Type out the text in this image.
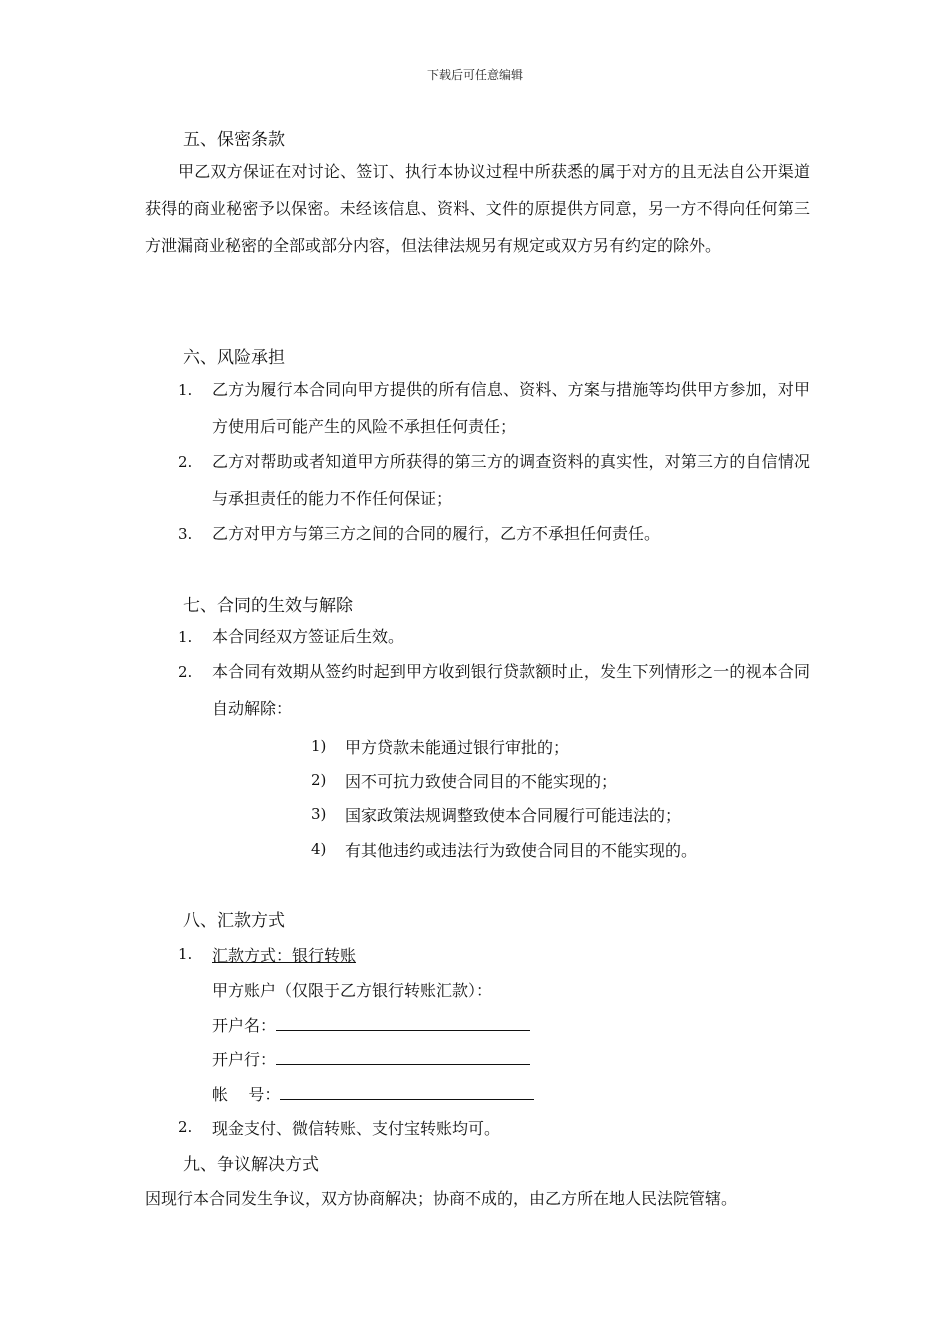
下载后可任意编辑
五、保密条款
甲乙双方保证在对讨论、签订、执行本协议过程中所获悉的属于对方的且无法自公开渠道获得的商业秘密予以保密。未经该信息、资料、文件的原提供方同意，另一方不得向任何第三方泄漏商业秘密的全部或部分内容，但法律法规另有规定或双方另有约定的除外。
六、风险承担
1. 乙方为履行本合同向甲方提供的所有信息、资料、方案与措施等均供甲方参加，对甲方使用后可能产生的风险不承担任何责任；
2. 乙方对帮助或者知道甲方所获得的第三方的调查资料的真实性，对第三方的自信情况与承担责任的能力不作任何保证；
3. 乙方对甲方与第三方之间的合同的履行，乙方不承担任何责任。
七、合同的生效与解除
1. 本合同经双方签证后生效。
2. 本合同有效期从签约时起到甲方收到银行贷款额时止，发生下列情形之一的视本合同自动解除：
1) 甲方贷款未能通过银行审批的；
2) 因不可抗力致使合同目的不能实现的；
3) 国家政策法规调整致使本合同履行可能违法的；
4) 有其他违约或违法行为致使合同目的不能实现的。
八、汇款方式
1. 汇款方式：银行转账
甲方账户（仅限于乙方银行转账汇款）：
开户名：
开户行：
帐    号：
2. 现金支付、微信转账、支付宝转账均可。
九、争议解决方式
因现行本合同发生争议，双方协商解决；协商不成的，由乙方所在地人民法院管辖。
